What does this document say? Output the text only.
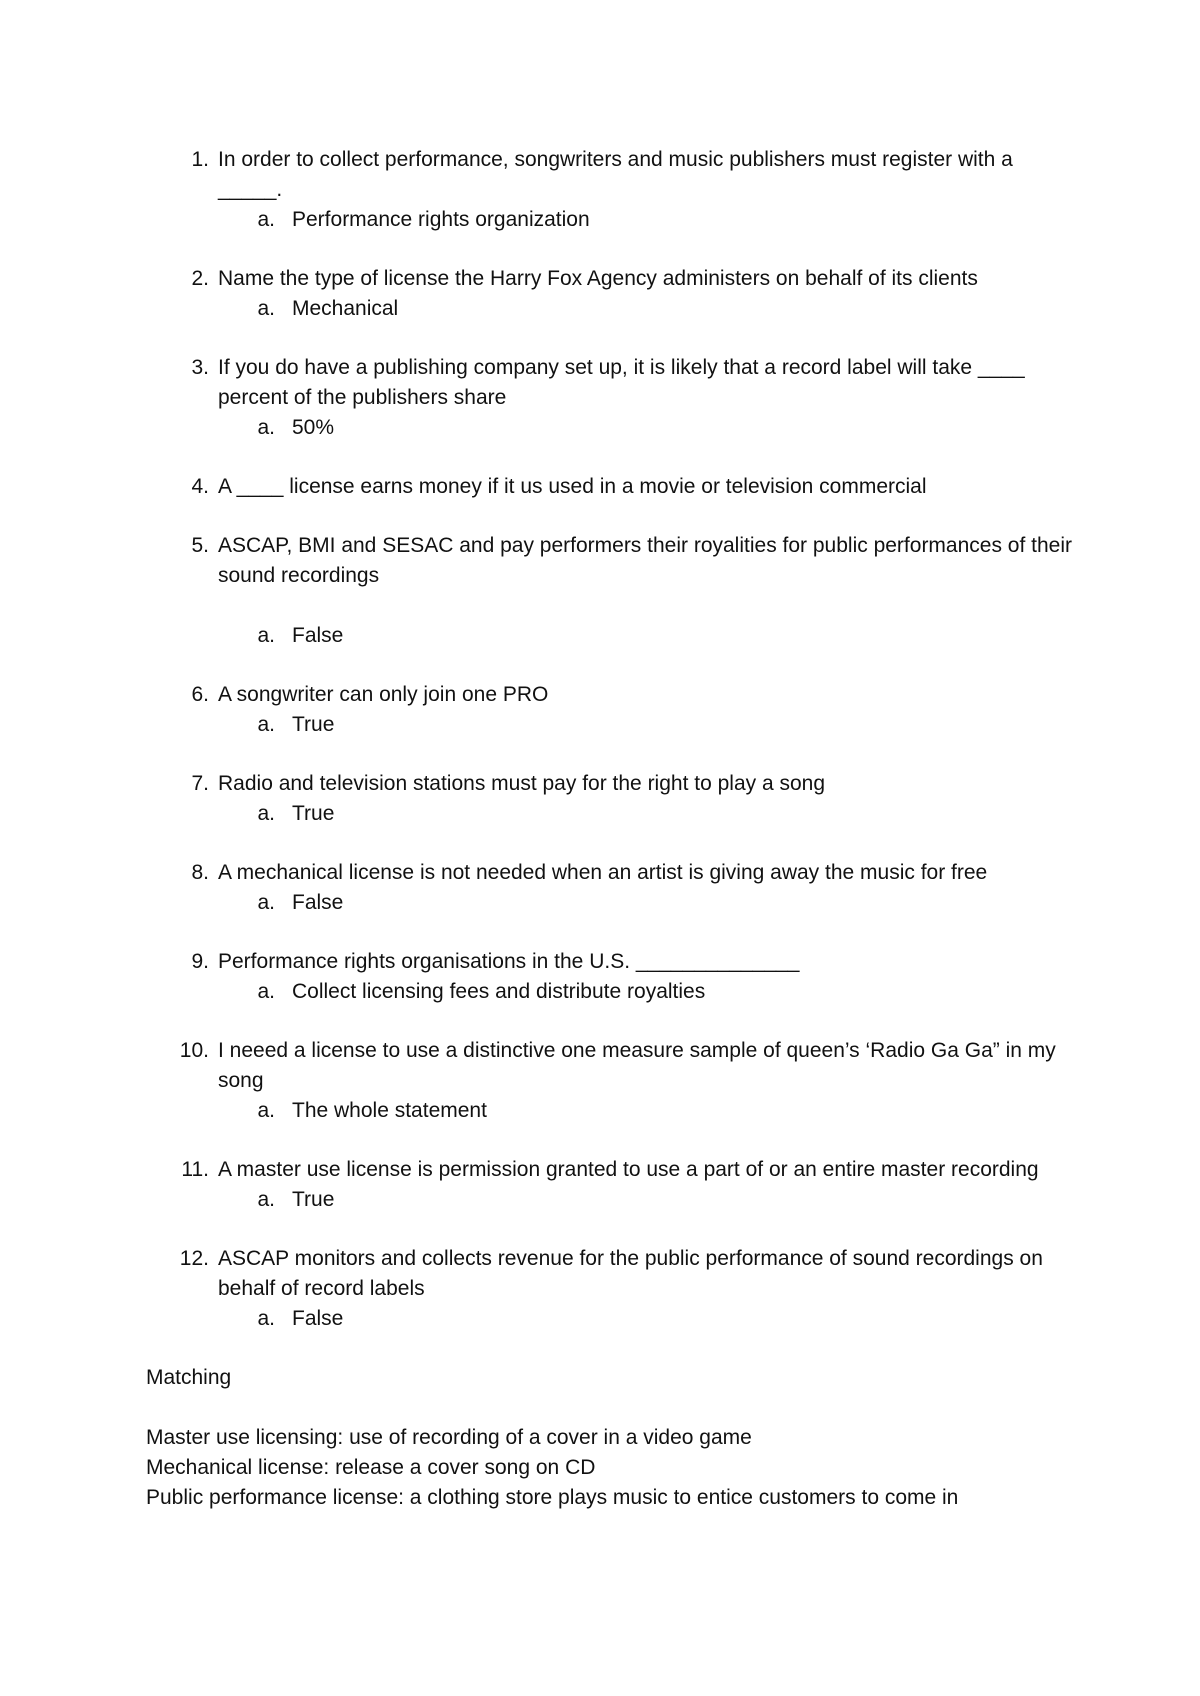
1. In order to collect performance, songwriters and music publishers must register with a _____.
a. Performance rights organization
2. Name the type of license the Harry Fox Agency administers on behalf of its clients
a. Mechanical
3. If you do have a publishing company set up, it is likely that a record label will take ____ percent of the publishers share
a. 50%
4. A ____ license earns money if it us used in a movie or television commercial
5. ASCAP, BMI and SESAC and pay performers their royalities for public performances of their sound recordings
a. False
6. A songwriter can only join one PRO
a. True
7. Radio and television stations must pay for the right to play a song
a. True
8. A mechanical license is not needed when an artist is giving away the music for free
a. False
9. Performance rights organisations in the U.S. ______________
a. Collect licensing fees and distribute royalties
10. I neeed a license to use a distinctive one measure sample of queen’s ‘Radio Ga Ga” in my song
a. The whole statement
11. A master use license is permission granted to use a part of or an entire master recording
a. True
12. ASCAP monitors and collects revenue for the public performance of sound recordings on behalf of record labels
a. False

Matching

Master use licensing: use of recording of a cover in a video game

Mechanical license: release a cover song on CD

Public performance license: a clothing store plays music to entice customers to come in
